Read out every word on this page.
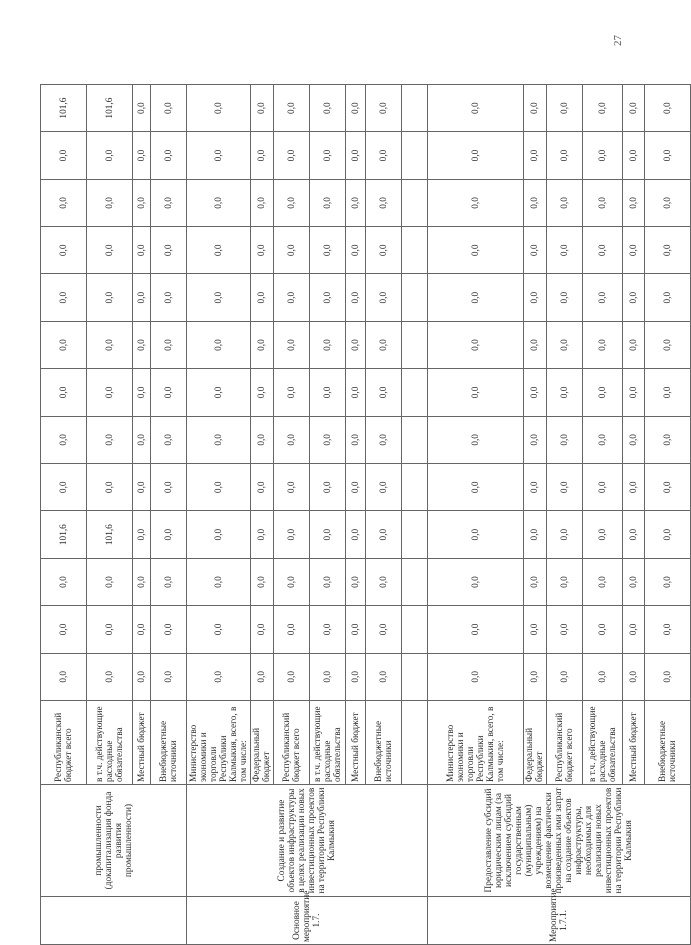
27
	промышленности (докапитализация фонда развития промышленности)	Республиканский бюджет всего	0,0	0,0	0,0	101,6	0,0	0,0	0,0	0,0	0,0	0,0	0,0	0,0	101,6
		в т.ч. действующие расходные обязательства	0,0	0,0	0,0	101,6	0,0	0,0	0,0	0,0	0,0	0,0	0,0	0,0	101,6
		Местный бюджет	0,0	0,0	0,0	0,0	0,0	0,0	0,0	0,0	0,0	0,0	0,0	0,0	0,0
		Внебюджетные источники	0,0	0,0	0,0	0,0	0,0	0,0	0,0	0,0	0,0	0,0	0,0	0,0	0,0
Основное мероприятие 1.7.	Создание и развитие объектов инфраструктуры в целях реализации новых инвестиционных проектов на территории Республики Калмыкия	Министерство экономики и торговли Республики Калмыкия, всего, в том числе:	0,0	0,0	0,0	0,0	0,0	0,0	0,0	0,0	0,0	0,0	0,0	0,0	0,0
		Федеральный бюджет	0,0	0,0	0,0	0,0	0,0	0,0	0,0	0,0	0,0	0,0	0,0	0,0	0,0
		Республиканский бюджет всего	0,0	0,0	0,0	0,0	0,0	0,0	0,0	0,0	0,0	0,0	0,0	0,0	0,0
		в т.ч. действующие расходные обязательства	0,0	0,0	0,0	0,0	0,0	0,0	0,0	0,0	0,0	0,0	0,0	0,0	0,0
		Местный бюджет	0,0	0,0	0,0	0,0	0,0	0,0	0,0	0,0	0,0	0,0	0,0	0,0	0,0
		Внебюджетные источники	0,0	0,0	0,0	0,0	0,0	0,0	0,0	0,0	0,0	0,0	0,0	0,0	0,0

Мероприятие 1.7.1.	Предоставление субсидий юридическим лицам (за исключением субсидий государственным (муниципальным) учреждениям) на возмещение фактически произведенных ими затрат на создание объектов инфраструктуры, необходимых для реализации новых инвестиционных проектов на территории Республики Калмыкия	Министерство экономики и торговли Республики Калмыкия, всего, в том числе:	0,0	0,0	0,0	0,0	0,0	0,0	0,0	0,0	0,0	0,0	0,0	0,0	0,0
		Федеральный бюджет	0,0	0,0	0,0	0,0	0,0	0,0	0,0	0,0	0,0	0,0	0,0	0,0	0,0
		Республиканский бюджет всего	0,0	0,0	0,0	0,0	0,0	0,0	0,0	0,0	0,0	0,0	0,0	0,0	0,0
		в т.ч. действующие расходные обязательства	0,0	0,0	0,0	0,0	0,0	0,0	0,0	0,0	0,0	0,0	0,0	0,0	0,0
		Местный бюджет	0,0	0,0	0,0	0,0	0,0	0,0	0,0	0,0	0,0	0,0	0,0	0,0	0,0
		Внебюджетные источники	0,0	0,0	0,0	0,0	0,0	0,0	0,0	0,0	0,0	0,0	0,0	0,0	0,0
